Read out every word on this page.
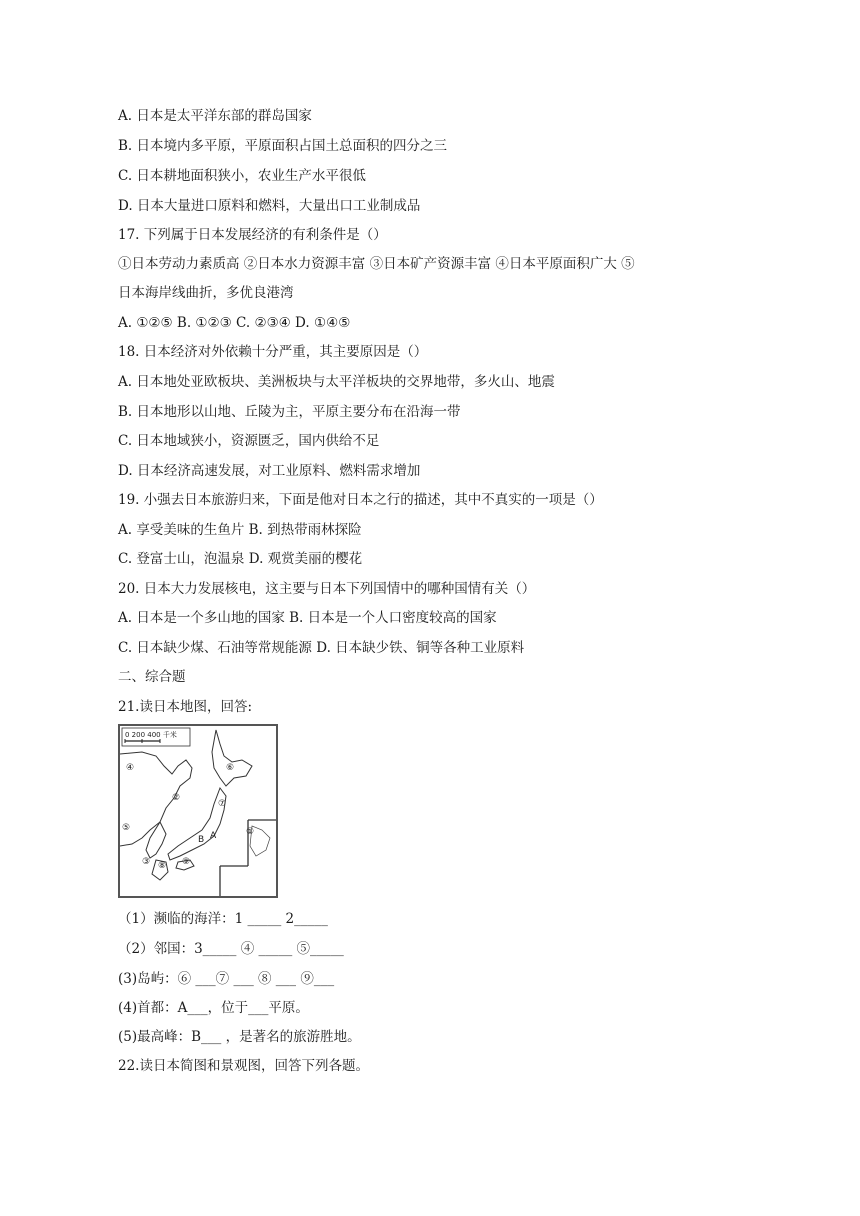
A. 日本是太平洋东部的群岛国家
B. 日本境内多平原，平原面积占国土总面积的四分之三
C. 日本耕地面积狭小，农业生产水平很低
D. 日本大量进口原料和燃料，大量出口工业制成品
17. 下列属于日本发展经济的有利条件是（）
①日本劳动力素质高 ②日本水力资源丰富 ③日本矿产资源丰富 ④日本平原面积广大 ⑤
日本海岸线曲折，多优良港湾
A. ①②⑤ B. ①②③ C. ②③④ D. ①④⑤
18. 日本经济对外依赖十分严重，其主要原因是（）
A. 日本地处亚欧板块、美洲板块与太平洋板块的交界地带，多火山、地震
B. 日本地形以山地、丘陵为主，平原主要分布在沿海一带
C. 日本地域狭小，资源匮乏，国内供给不足
D. 日本经济高速发展，对工业原料、燃料需求增加
19. 小强去日本旅游归来，下面是他对日本之行的描述，其中不真实的一项是（）
A. 享受美味的生鱼片 B. 到热带雨林探险
C. 登富士山，泡温泉 D. 观赏美丽的樱花
20. 日本大力发展核电，这主要与日本下列国情中的哪种国情有关（）
A. 日本是一个多山地的国家 B. 日本是一个人口密度较高的国家
C. 日本缺少煤、石油等常规能源 D. 日本缺少铁、铜等各种工业原料
二、综合题
21.读日本地图，回答:
0 200 400 千米
④	⑥
②
⑦
①
⑤
A
B
⑨
⑧
③
（1）濒临的海洋：1 _____ 2_____
（2）邻国：3_____ ④ _____ ⑤_____
(3)岛屿：⑥ ___⑦ ___ ⑧ ___ ⑨___
(4)首都：A___，位于___平原。
(5)最高峰：B___ ，是著名的旅游胜地。
22.读日本简图和景观图，回答下列各题。
